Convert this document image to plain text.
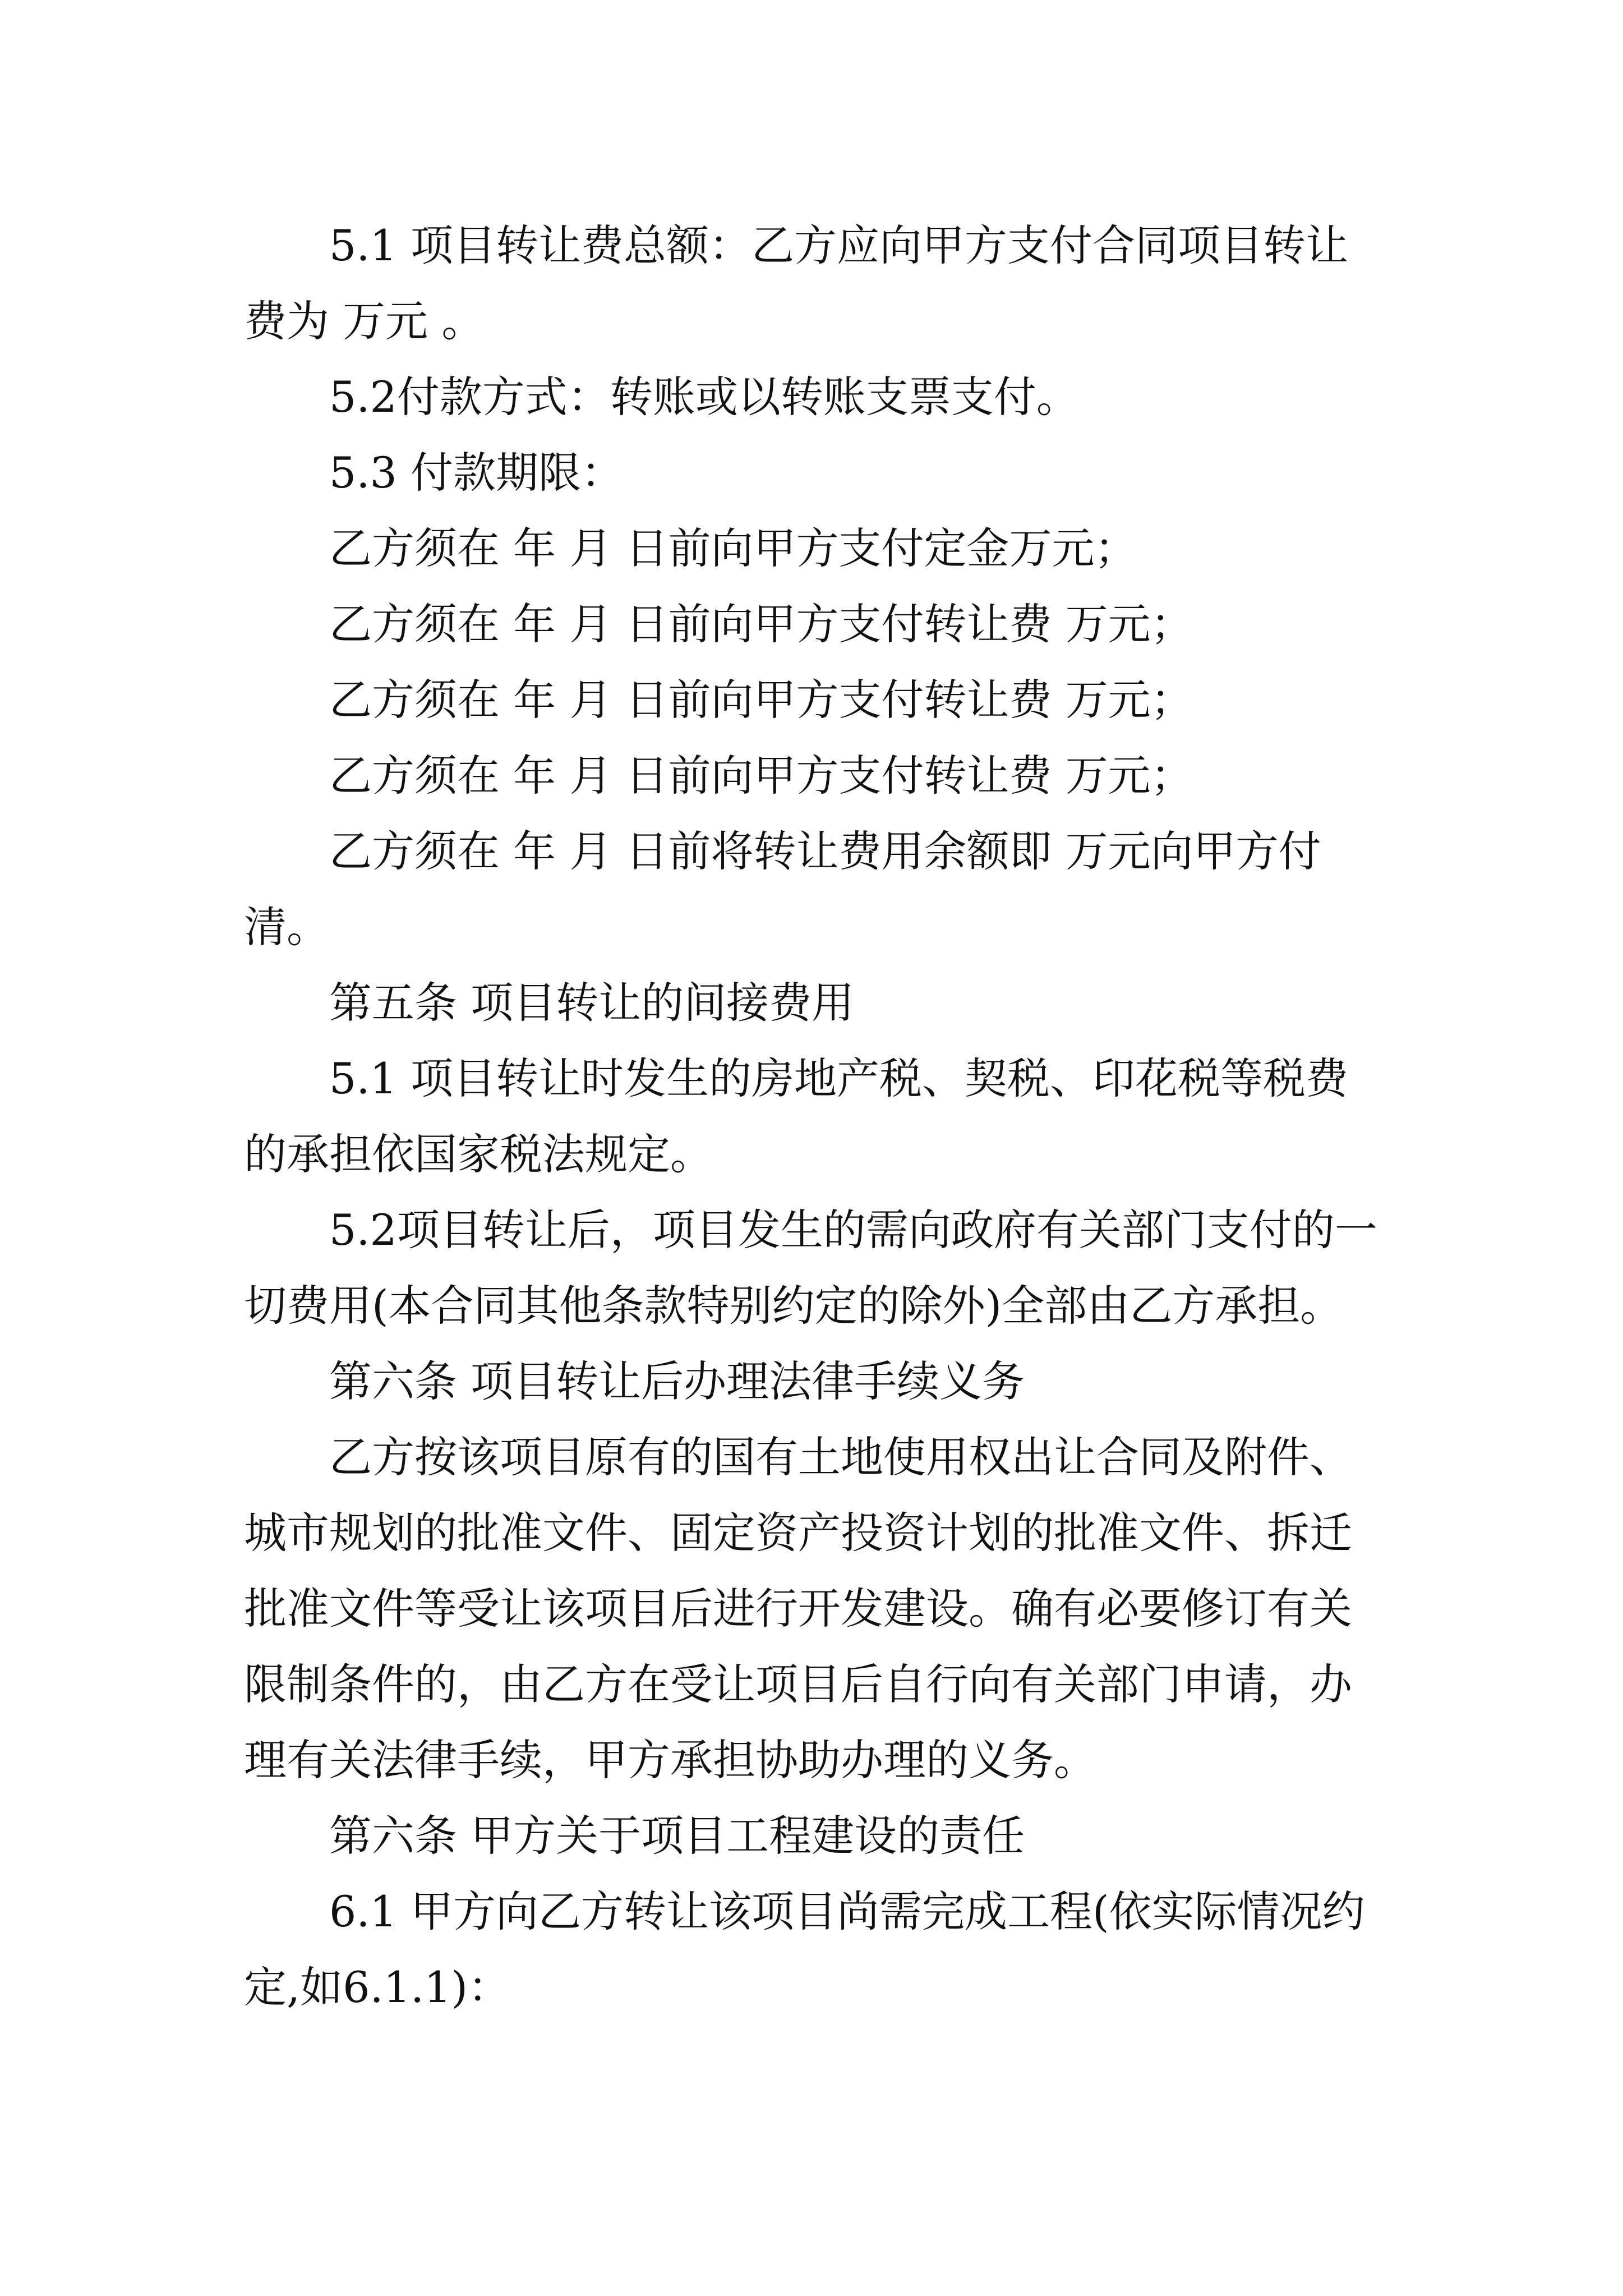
5.1 项目转让费总额：乙方应向甲方支付合同项目转让费为 万元 。

5.2付款方式：转账或以转账支票支付。

5.3 付款期限：

乙方须在 年 月 日前向甲方支付定金万元；

乙方须在 年 月 日前向甲方支付转让费 万元；

乙方须在 年 月 日前向甲方支付转让费 万元；

乙方须在 年 月 日前向甲方支付转让费 万元；

乙方须在 年 月 日前将转让费用余额即 万元向甲方付清。

第五条 项目转让的间接费用

5.1 项目转让时发生的房地产税、契税、印花税等税费的承担依国家税法规定。

5.2项目转让后，项目发生的需向政府有关部门支付的一切费用(本合同其他条款特别约定的除外)全部由乙方承担。

第六条 项目转让后办理法律手续义务

乙方按该项目原有的国有土地使用权出让合同及附件、城市规划的批准文件、固定资产投资计划的批准文件、拆迁批准文件等受让该项目后进行开发建设。确有必要修订有关限制条件的，由乙方在受让项目后自行向有关部门申请，办理有关法律手续，甲方承担协助办理的义务。

第六条 甲方关于项目工程建设的责任

6.1 甲方向乙方转让该项目尚需完成工程(依实际情况约定,如6.1.1)：
